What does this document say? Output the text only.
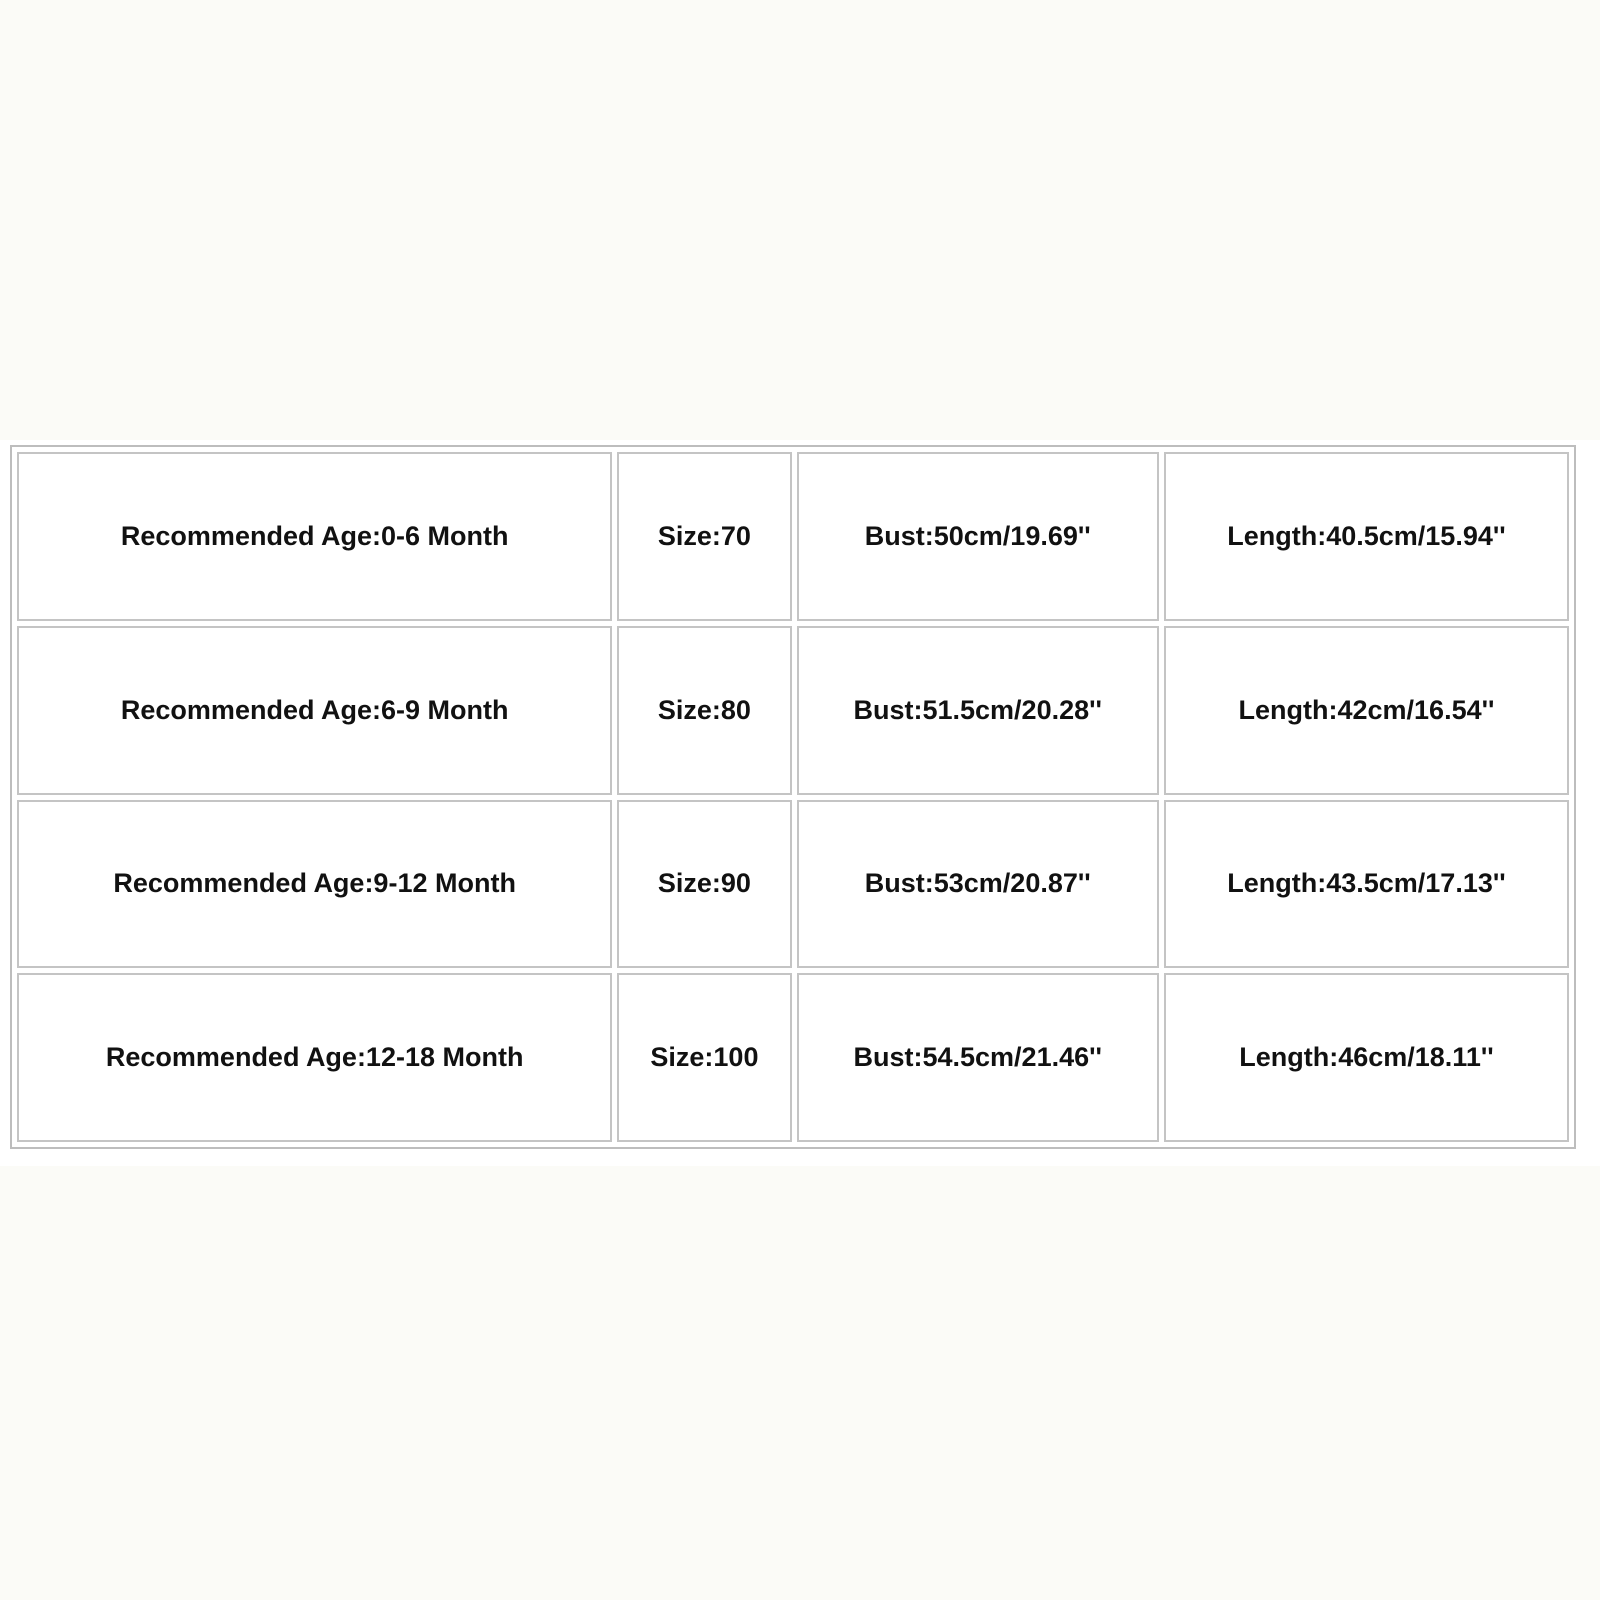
Recommended Age:0-6 Month	Size:70	Bust:50cm/19.69''	Length:40.5cm/15.94''
Recommended Age:6-9 Month	Size:80	Bust:51.5cm/20.28''	Length:42cm/16.54''
Recommended Age:9-12 Month	Size:90	Bust:53cm/20.87''	Length:43.5cm/17.13''
Recommended Age:12-18 Month	Size:100	Bust:54.5cm/21.46''	Length:46cm/18.11''
